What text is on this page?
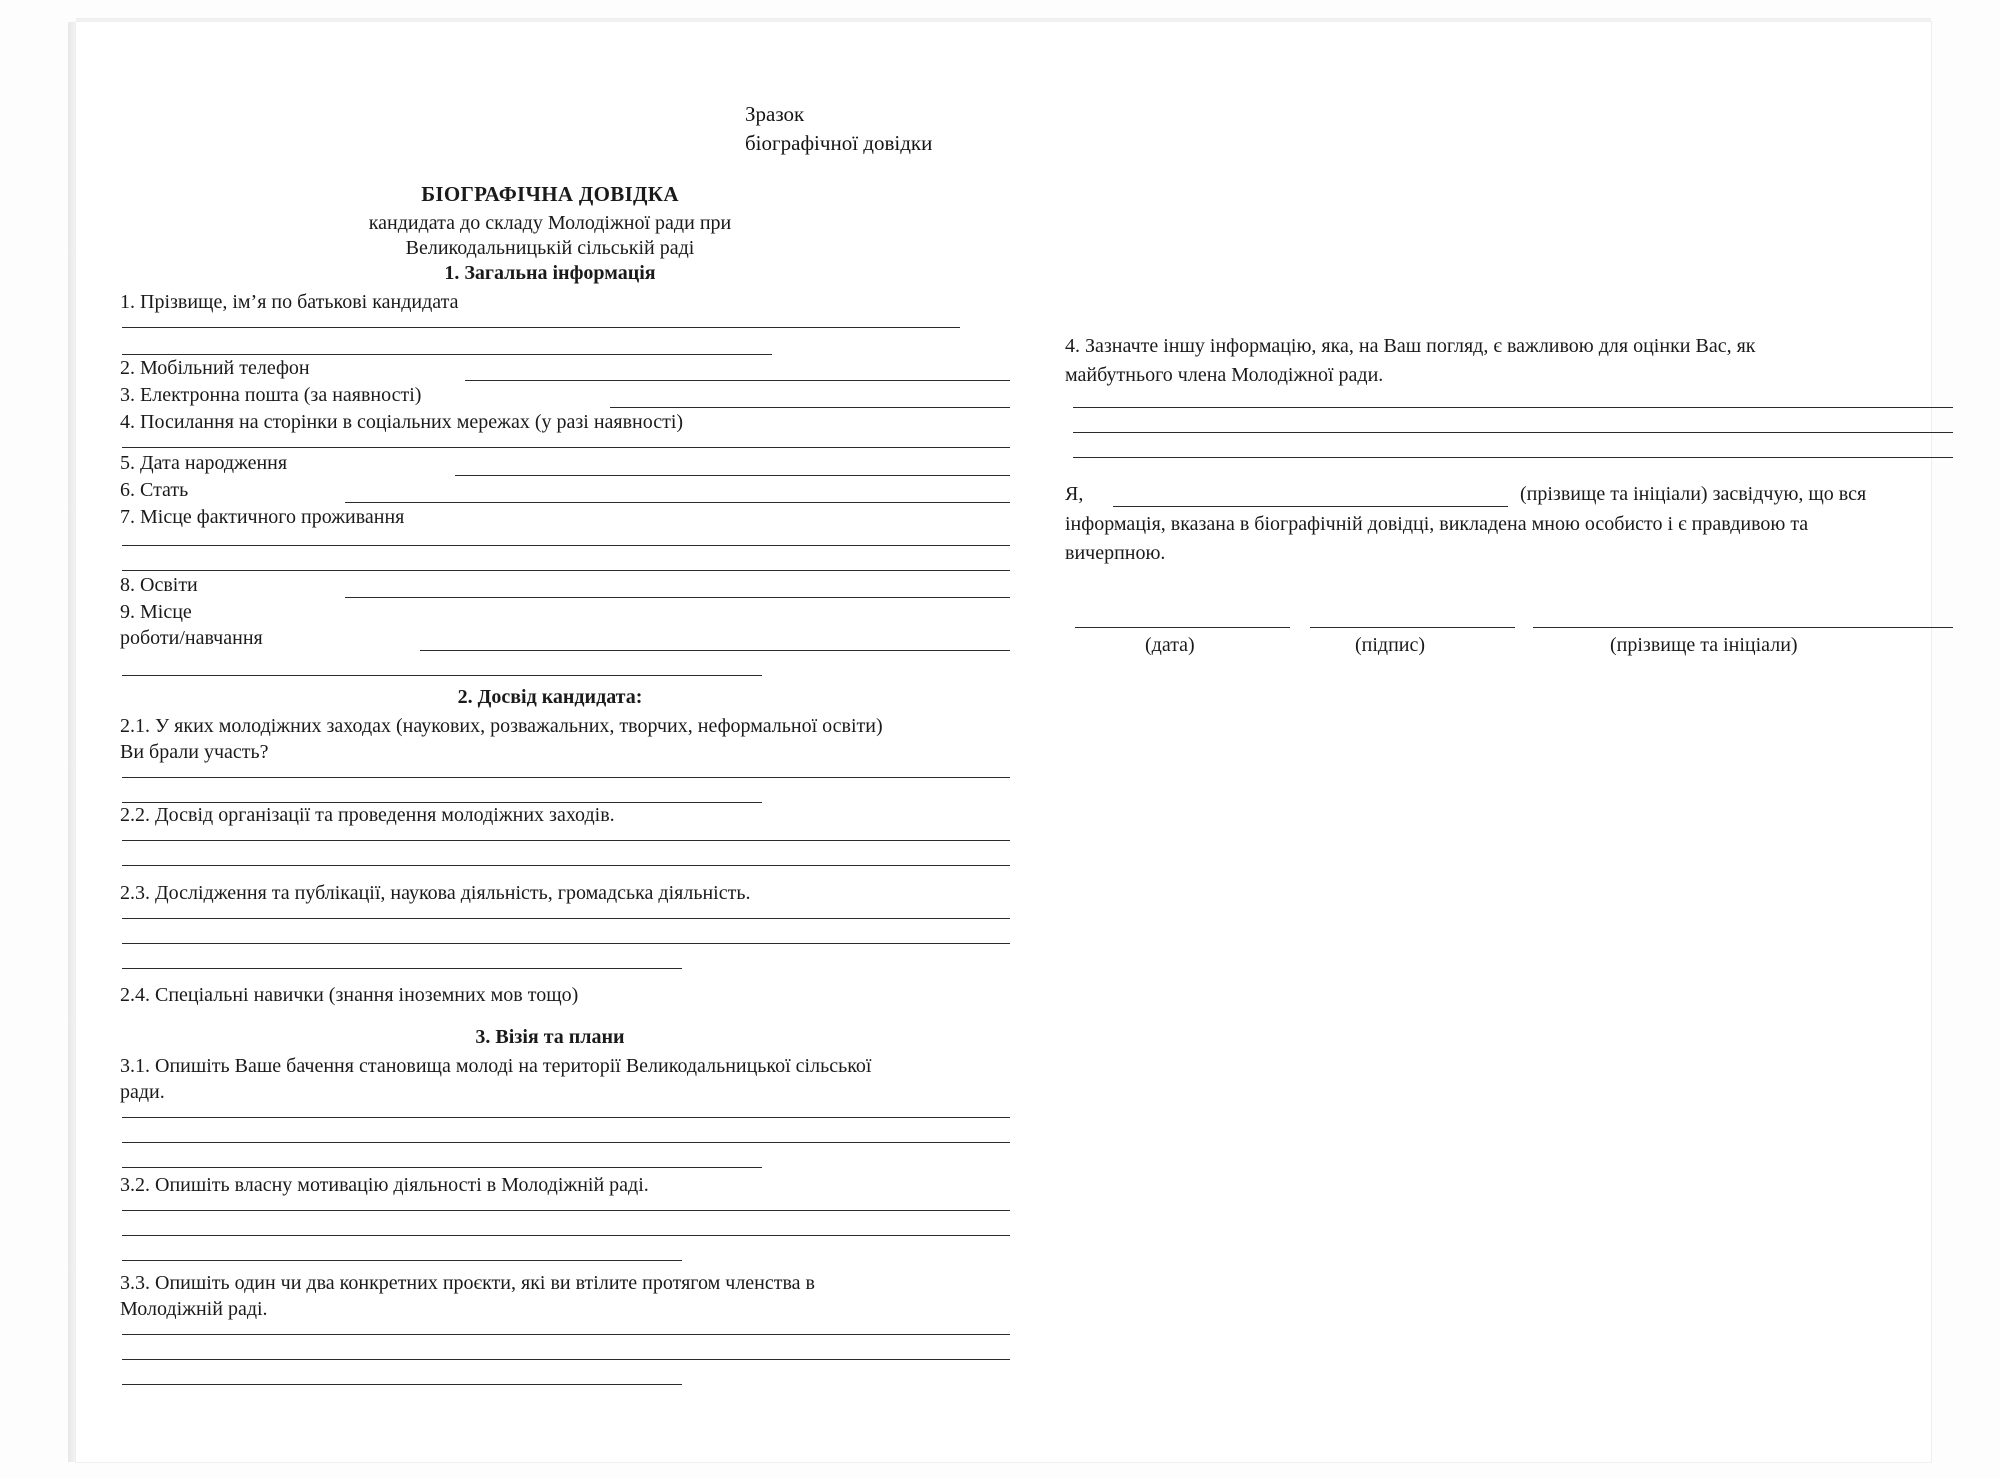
Зразок
біографічної довідки
БІОГРАФІЧНА ДОВІДКА
кандидата до складу Молодіжної ради при
Великодальницькій сільській раді
1. Загальна інформація
1. Прізвище, ім’я по батькові кандидата
2. Мобільний телефон
3. Електронна пошта (за наявності)
4. Посилання на сторінки в соціальних мережах (у разі наявності)
5. Дата народження
6. Стать
7. Місце фактичного проживання
8. Освіти
9. Місце
роботи/навчання
2. Досвід кандидата:
2.1. У яких молодіжних заходах (наукових, розважальних, творчих, неформальної освіти)
Ви брали участь?
2.2. Досвід організації та проведення молодіжних заходів.
2.3. Дослідження та публікації, наукова діяльність, громадська діяльність.
2.4. Спеціальні навички (знання іноземних мов тощо)
3. Візія та плани
3.1. Опишіть Ваше бачення становища молоді на території Великодальницької сільської
ради.
3.2. Опишіть власну мотивацію діяльності в Молодіжній раді.
3.3. Опишіть один чи два конкретних проєкти, які ви втілите протягом членства в
Молодіжній раді.
4. Зазначте іншу інформацію, яка, на Ваш погляд, є важливою для оцінки Вас, як
майбутнього члена Молодіжної ради.
Я,	(прізвище та ініціали) засвідчую, що вся
інформація, вказана в біографічній довідці, викладена мною особисто і є правдивою та
вичерпною.
(дата)	(підпис)	(прізвище та ініціали)
